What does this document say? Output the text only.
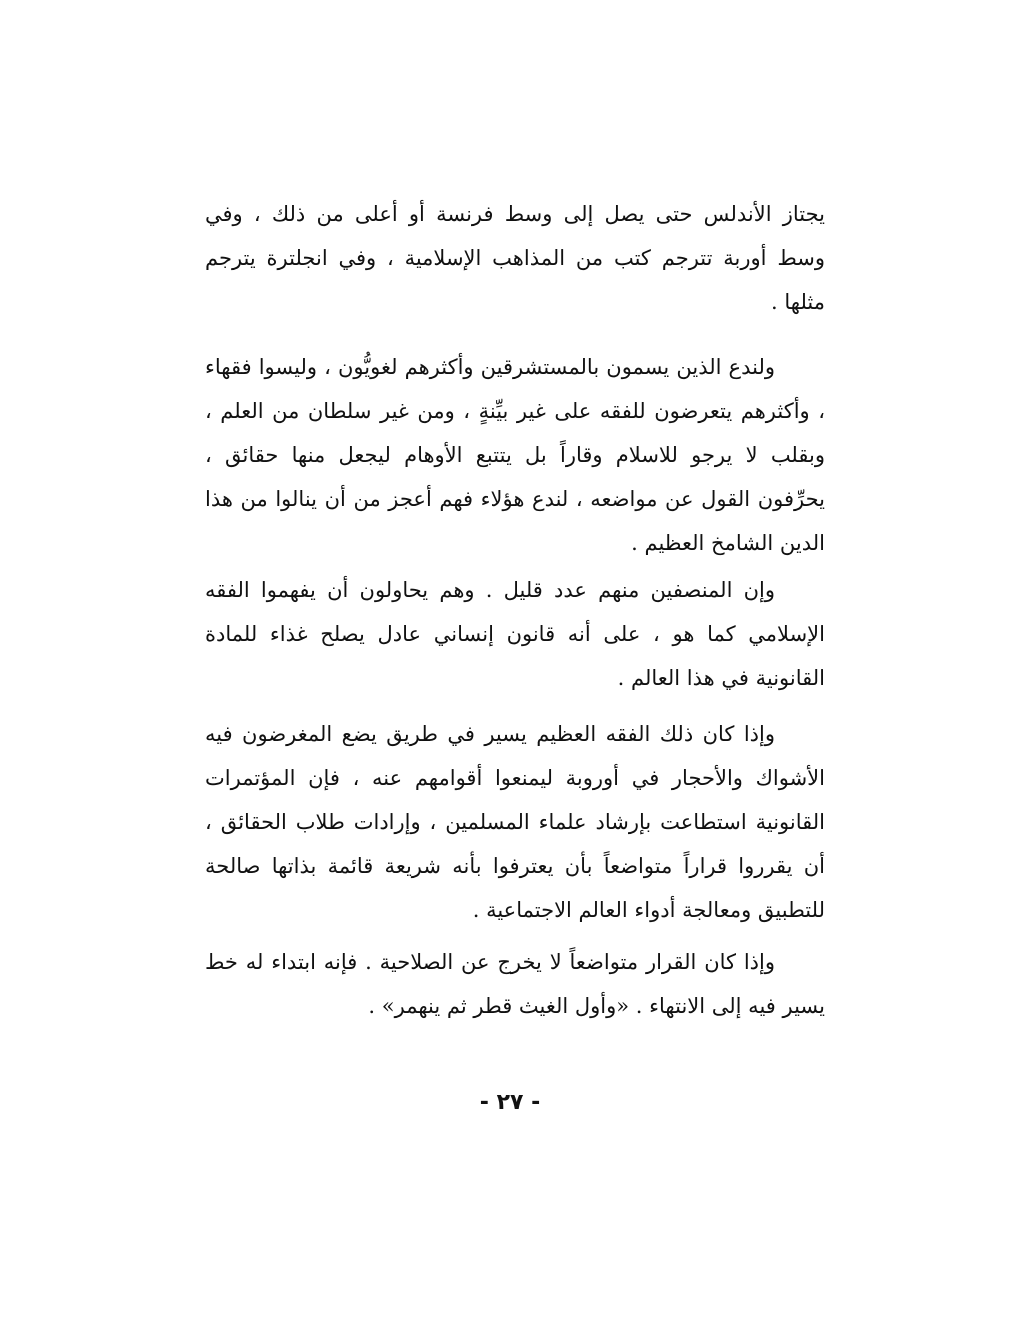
يجتاز الأندلس حتى يصل إلى وسط فرنسة أو أعلى من ذلك ، وفي وسط أوربة تترجم كتب من المذاهب الإسلامية ، وفي انجلترة يترجم مثلها .

ولندع الذين يسمون بالمستشرقين وأكثرهم لغويُّون ، وليسوا فقهاء ، وأكثرهم يتعرضون للفقه على غير بيِّنةٍ ، ومن غير سلطان من العلم ، وبقلب لا يرجو للاسلام وقاراً بل يتتبع الأوهام ليجعل منها حقائق ، يحرِّفون القول عن مواضعه ، لندع هؤلاء فهم أعجز من أن ينالوا من هذا الدين الشامخ العظيم .

وإن المنصفين منهم عدد قليل . وهم يحاولون أن يفهموا الفقه الإسلامي كما هو ، على أنه قانون إنساني عادل يصلح غذاء للمادة القانونية في هذا العالم .

وإذا كان ذلك الفقه العظيم يسير في طريق يضع المغرضون فيه الأشواك والأحجار في أوروبة ليمنعوا أقوامهم عنه ، فإن المؤتمرات القانونية استطاعت بإرشاد علماء المسلمين ، وإرادات طلاب الحقائق ، أن يقرروا قراراً متواضعاً بأن يعترفوا بأنه شريعة قائمة بذاتها صالحة للتطبيق ومعالجة أدواء العالم الاجتماعية .

وإذا كان القرار متواضعاً لا يخرج عن الصلاحية . فإنه ابتداء له خط يسير فيه إلى الانتهاء . «وأول الغيث قطر ثم ينهمر» .

- ٢٧ -
